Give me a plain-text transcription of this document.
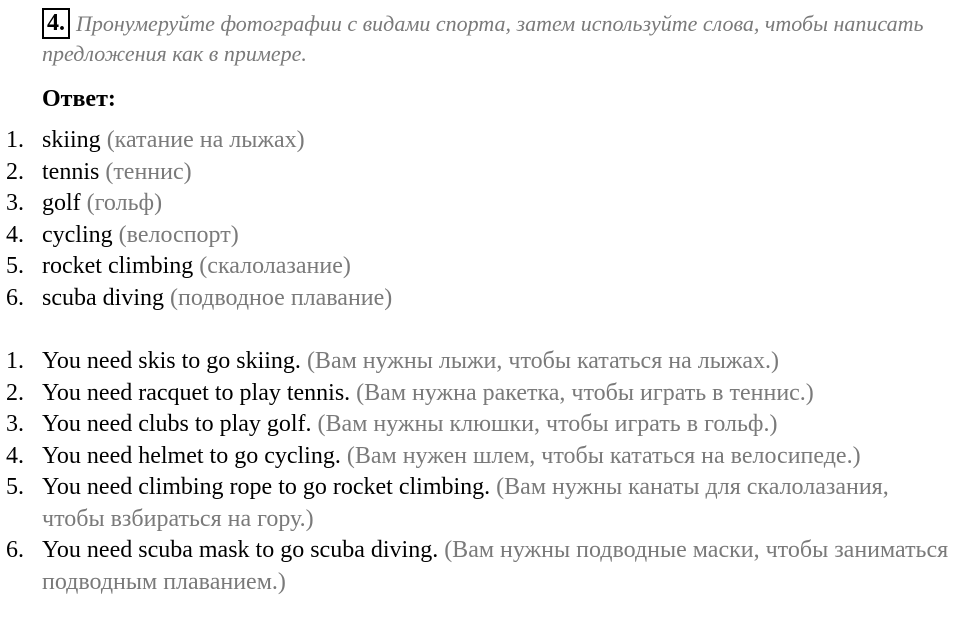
4. Пронумеруйте фотографии с видами спорта, затем используйте слова, чтобы написать предложения как в примере.
Ответ:
1. skiing (катание на лыжах)
2. tennis (теннис)
3. golf (гольф)
4. cycling (велоспорт)
5. rocket climbing (скалолазание)
6. scuba diving (подводное плавание)
1. You need skis to go skiing. (Вам нужны лыжи, чтобы кататься на лыжах.)
2. You need racquet to play tennis. (Вам нужна ракетка, чтобы играть в теннис.)
3. You need clubs to play golf. (Вам нужны клюшки, чтобы играть в гольф.)
4. You need helmet to go cycling. (Вам нужен шлем, чтобы кататься на велосипеде.)
5. You need climbing rope to go rocket climbing. (Вам нужны канаты для скалолазания, чтобы взбираться на гору.)
6. You need scuba mask to go scuba diving. (Вам нужны подводные маски, чтобы заниматься подводным плаванием.)
